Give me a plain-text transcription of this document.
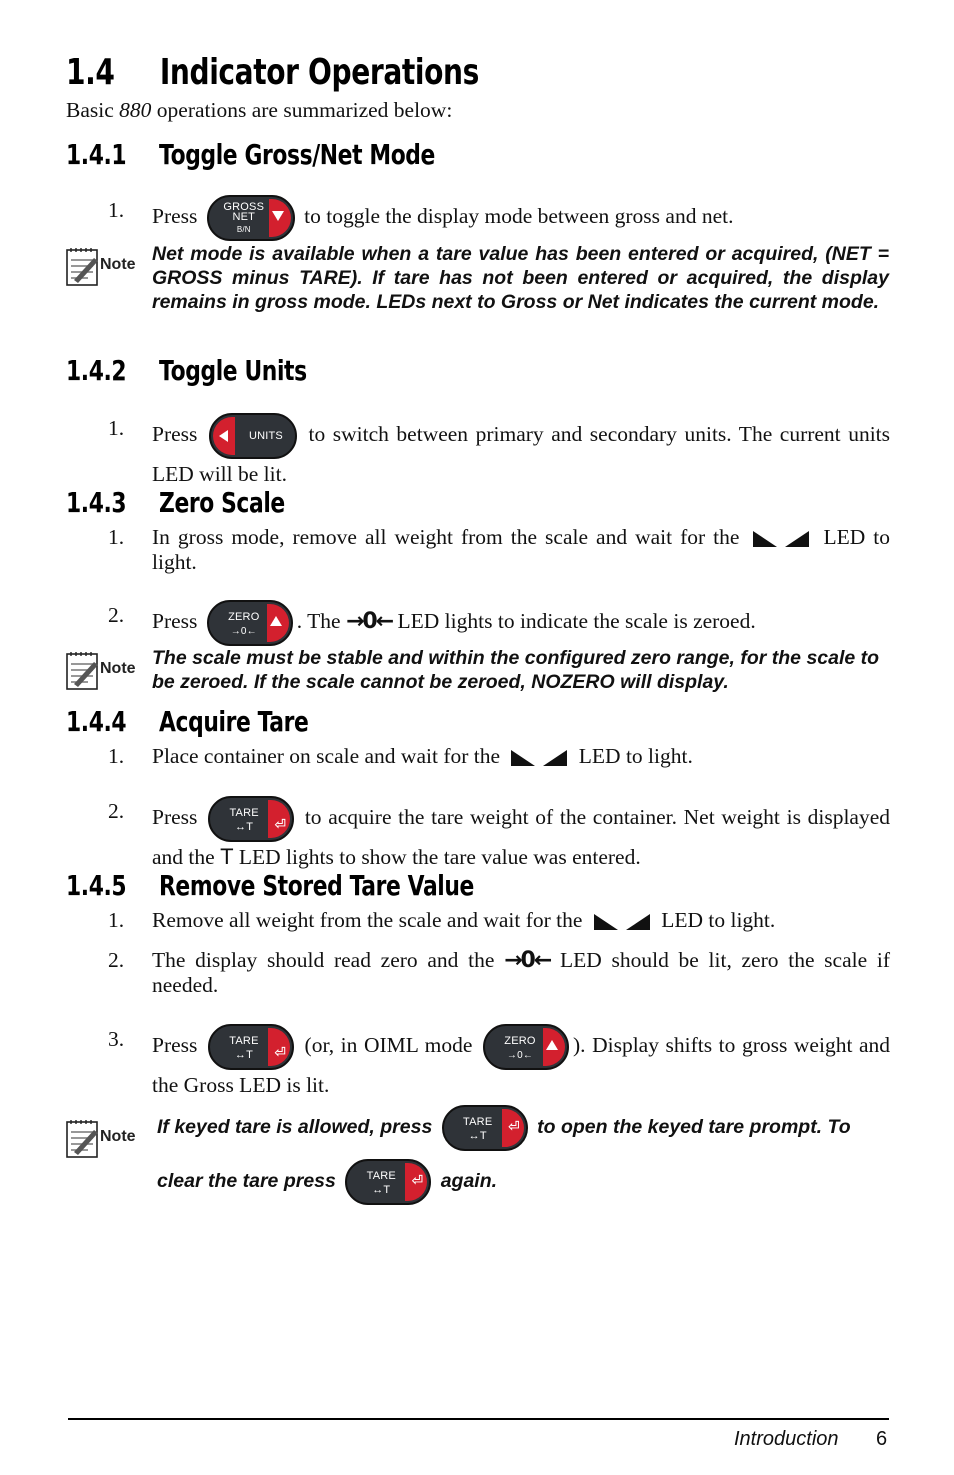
1.4 Indicator Operations
Basic 880 operations are summarized below:
1.4.1 Toggle Gross/Net Mode
1.	Press	GROSS
NET
B/N
to toggle the display mode between gross and net.
Note Net mode is available when a tare value has been entered or acquired, (NET = GROSS minus TARE). If tare has not been entered or acquired, the display remains in gross mode. LEDs next to Gross or Net indicates the current mode.
1.4.2 Toggle Units
1.	Press	UNITS	to switch between primary and secondary units. The current units LED will be lit.
1.4.3 Zero Scale
1.	In gross mode, remove all weight from the scale and wait for the	LED to light.
2.	Press	ZERO
→0←	. The →0← LED lights to indicate the scale is zeroed.
Note The scale must be stable and within the configured zero range, for the scale to be zeroed. If the scale cannot be zeroed, NOZERO will display.
1.4.4 Acquire Tare
1.	Place container on scale and wait for the	LED to light.
2.	Press	⏎
TARE
↔T	to acquire the tare weight of the container. Net weight is displayed and the T LED lights to show the tare value was entered.
1.4.5 Remove Stored Tare Value
1.	Remove all weight from the scale and wait for the	LED to light.
2.	The display should read zero and the →0← LED should be lit, zero the scale if needed.
3.	Press	⏎
TARE
↔T	(or, in OIML mode	ZERO
→0←	). Display shifts to gross weight and the Gross LED is lit.
Note If keyed tare is allowed, press	⏎
TARE
↔T	to open the keyed tare prompt. To
clear the tare press	⏎
TARE
↔T	again.
Introduction 6
